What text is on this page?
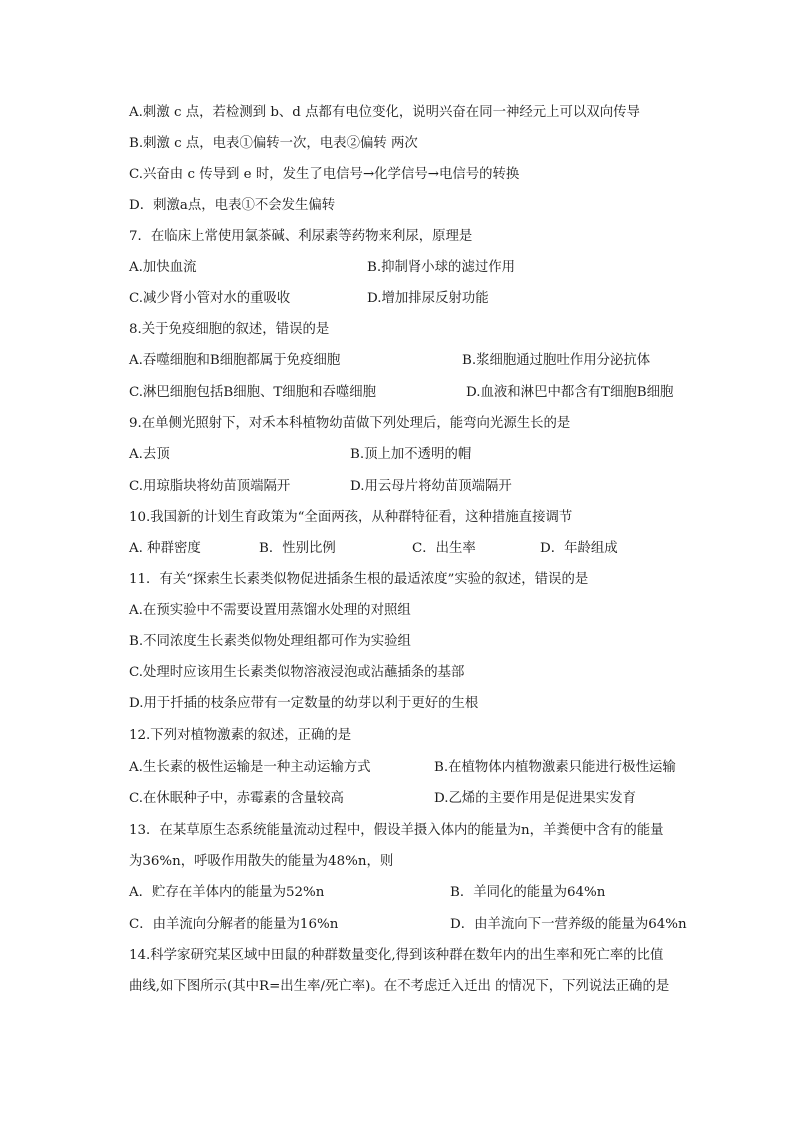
A.刺激 c 点，若检测到 b、d 点都有电位变化，说明兴奋在同一神经元上可以双向传导
B.刺激 c 点，电表①偏转一次，电表②偏转 两次
C.兴奋由 c 传导到 e 时，发生了电信号→化学信号→电信号的转换
D．刺激a点，电表①不会发生偏转
7．在临床上常使用氯茶碱、利尿素等药物来利尿，原理是
A.加快血流	B.抑制肾小球的滤过作用
C.减少肾小管对水的重吸收	D.增加排尿反射功能
8.关于免疫细胞的叙述，错误的是
A.吞噬细胞和B细胞都属于免疫细胞	B.浆细胞通过胞吐作用分泌抗体
C.淋巴细胞包括B细胞、T细胞和吞噬细胞	D.血液和淋巴中都含有T细胞B细胞
9.在单侧光照射下，对禾本科植物幼苗做下列处理后，能弯向光源生长的是
A.去顶	B.顶上加不透明的帽
C.用琼脂块将幼苗顶端隔开	D.用云母片将幼苗顶端隔开
10.我国新的计划生育政策为“全面两孩，从种群特征看，这种措施直接调节
A. 种群密度	B．性别比例	C．出生率	D．年龄组成
11．有关“探索生长素类似物促进插条生根的最适浓度”实验的叙述，错误的是
A.在预实验中不需要设置用蒸馏水处理的对照组
B.不同浓度生长素类似物处理组都可作为实验组
C.处理时应该用生长素类似物溶液浸泡或沾蘸插条的基部
D.用于扦插的枝条应带有一定数量的幼芽以利于更好的生根
12.下列对植物激素的叙述，正确的是
A.生长素的极性运输是一种主动运输方式	B.在植物体内植物激素只能进行极性运输
C.在休眠种子中，赤霉素的含量较高	D.乙烯的主要作用是促进果实发育
13．在某草原生态系统能量流动过程中，假设羊摄入体内的能量为n，羊粪便中含有的能量
为36%n，呼吸作用散失的能量为48%n，则
A．贮存在羊体内的能量为52%n	B．羊同化的能量为64%n
C．由羊流向分解者的能量为16%n	D．由羊流向下一营养级的能量为64%n
14.科学家研究某区域中田鼠的种群数量变化,得到该种群在数年内的出生率和死亡率的比值
曲线,如下图所示(其中R=出生率/死亡率)。在不考虑迁入迁出 的情况下，下列说法正确的是
